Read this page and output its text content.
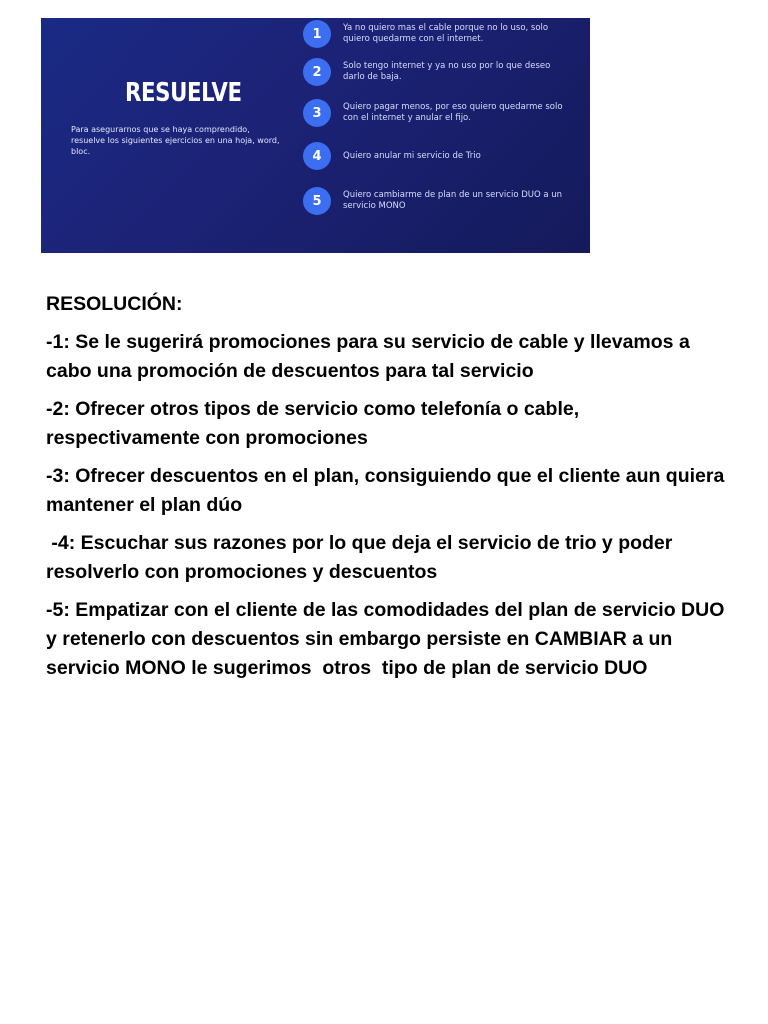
RESUELVE
Para asegurarnos que se haya comprendido, resuelve los siguientes ejercicios en una hoja, word, bloc.
1	Ya no quiero mas el cable porque no lo uso, solo quiero quedarme con el internet.
2	Solo tengo internet y ya no uso por lo que deseo darlo de baja.
3	Quiero pagar menos, por eso quiero quedarme solo con el internet y anular el fijo.
4	Quiero anular mi servicio de Trio
5	Quiero cambiarme de plan de un servicio DUO a un servicio MONO

RESOLUCIÓN:

-1: Se le sugerirá promociones para su servicio de cable y llevamos a cabo una promoción de descuentos para tal servicio

-2: Ofrecer otros tipos de servicio como telefonía o cable, respectivamente con promociones

-3: Ofrecer descuentos en el plan, consiguiendo que el cliente aun quiera mantener el plan dúo

-4: Escuchar sus razones por lo que deja el servicio de trio y poder resolverlo con promociones y descuentos

-5: Empatizar con el cliente de las comodidades del plan de servicio DUO y retenerlo con descuentos sin embargo persiste en CAMBIAR a un servicio MONO le sugerimos  otros  tipo de plan de servicio DUO
